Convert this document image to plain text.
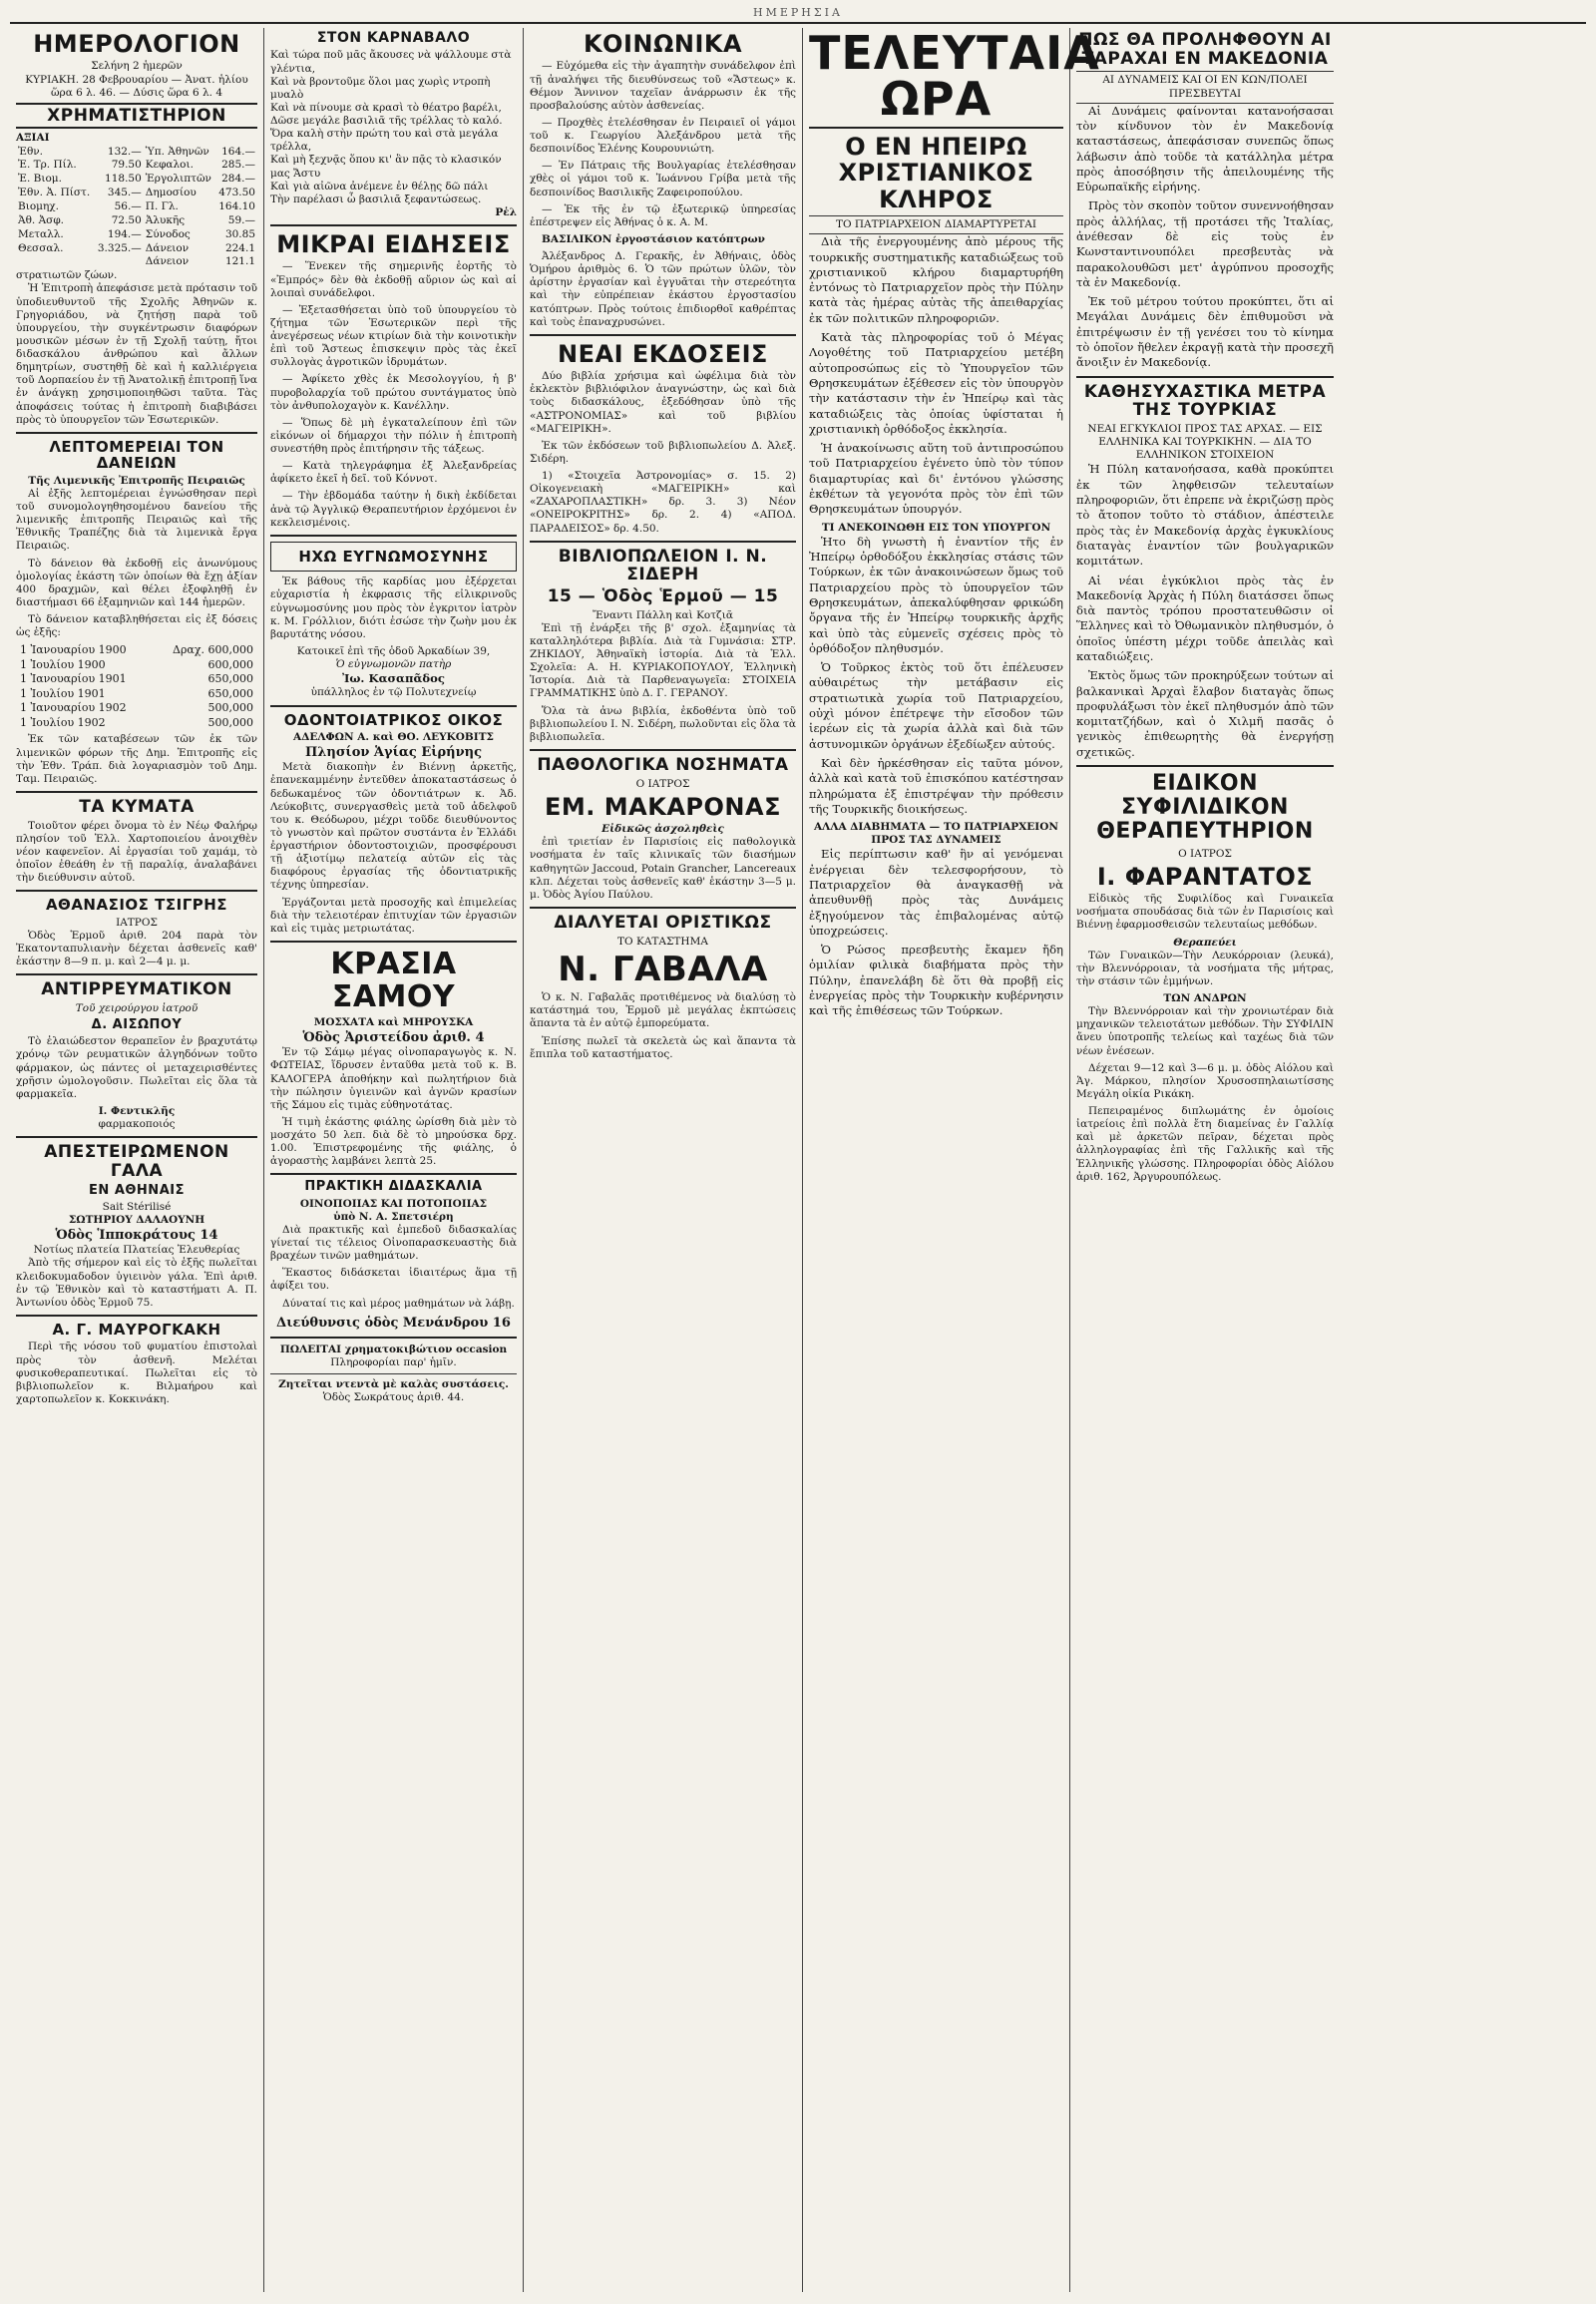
ΗΜΕΡΗΣΙΑ
ΗΜΕΡΟΛΟΓΙΟΝ
Σελήνη 2 ἡμερῶν
ΚΥΡΙΑΚΗ. 28 Φεβρουαρίου — Ἀνατ. ἡλίου ὥρα 6 λ. 46. — Δύσις ὥρα 6 λ. 4
ΧΡΗΜΑΤΙΣΤΗΡΙΟΝ
ΑΞΙΑΙ
Ἐθν.	132.—	Ὑπ. Ἀθηνῶν	164.—
Ἐ. Τρ. Πίλ.	79.50	Κεφαλοι.	285.—
Ἐ. Βιομ.	118.50	Ἐργολιπτῶν	284.—
Ἐθν. Ἀ. Πίστ.	345.—	Δημοσίου	473.50
Βιομηχ.	56.—	Π. Γλ.	164.10
Ἀθ. Ἀσφ.	72.50	Ἀλυκῆς	59.—
Μεταλλ.	194.—	Σύνοδος	30.85
Θεσσαλ.	3.325.—	Δάνειον	224.1
		Δάνειον	121.1
στρατιωτῶν ζώων.
Ἡ Ἐπιτροπὴ ἀπεφάσισε μετὰ πρότασιν τοῦ ὑποδιευθυντοῦ τῆς Σχολῆς Ἀθηνῶν κ. Γρηγοριάδου, νὰ ζητήσῃ παρὰ τοῦ ὑπουργείου, τὴν συγκέντρωσιν διαφόρων μουσικῶν μέσων ἐν τῇ Σχολῇ ταύτῃ, ἤτοι διδασκάλου ἀνθρώπου καὶ ἄλλων δημητρίων, συστηθῇ δὲ καὶ ἡ καλλιέργεια τοῦ Δορπαείου ἐν τῇ Ἀνατολικῇ ἐπιτροπῇ ἵνα ἐν ἀνάγκῃ χρησιμοποιηθῶσι ταῦτα. Τὰς ἀποφάσεις τούτας ἡ ἐπιτροπὴ διαβιβάσει πρὸς τὸ ὑπουργεῖον τῶν Ἐσωτερικῶν.
ΛΕΠΤΟΜΕΡΕΙΑΙ ΤΟΝ ΔΑΝΕΙΩΝ
Τῆς Λιμενικῆς Ἐπιτροπῆς Πειραιῶς
Αἱ ἐξῆς λεπτομέρειαι ἐγνώσθησαν περὶ τοῦ συνομολογηθησομένου δανείου τῆς λιμενικῆς ἐπιτροπῆς Πειραιῶς καὶ τῆς Ἐθνικῆς Τραπέζης διὰ τὰ λιμενικὰ ἔργα Πειραιῶς.
Τὸ δάνειον θὰ ἐκδοθῇ εἰς ἀνωνύμους ὁμολογίας ἑκάστη τῶν ὁποίων θὰ ἔχῃ ἀξίαν 400 δραχμῶν, καὶ θέλει ἐξοφληθῇ ἐν διαστήμασι 66 ἑξαμηνιῶν καὶ 144 ἡμερῶν.
Τὸ δάνειον καταβληθήσεται εἰς ἐξ δόσεις ὡς ἑξῆς:
1 Ἰανουαρίου 1900	Δραχ. 600,000
1 Ἰουλίου 1900	600,000
1 Ἰανουαρίου 1901	650,000
1 Ἰουλίου 1901	650,000
1 Ἰανουαρίου 1902	500,000
1 Ἰουλίου 1902	500,000
Ἐκ τῶν καταβέσεων τῶν ἐκ τῶν λιμενικῶν φόρων τῆς Δημ. Ἐπιτροπῆς εἰς τὴν Ἐθν. Τράπ. διὰ λογαριασμὸν τοῦ Δημ. Ταμ. Πειραιῶς.
ΤΑ ΚΥΜΑΤΑ
Τοιοῦτον φέρει ὄνομα τὸ ἐν Νέῳ Φαλήρῳ πλησίον τοῦ Ἑλλ. Χαρτοποιείου ἀνοιχθὲν νέον καφενεῖον. Αἱ ἐργασίαι τοῦ χαμάμ, τὸ ὁποῖον ἐθεάθη ἐν τῇ παραλίᾳ, ἀναλαβάνει τὴν διεύθυνσιν αὐτοῦ.
ΑΘΑΝΑΣΙΟΣ ΤΣΙΓΡΗΣ
ΙΑΤΡΟΣ
Ὁδὸς Ἑρμοῦ ἀριθ. 204 παρὰ τὸν Ἐκατονταπυλιανὴν δέχεται ἀσθενεῖς καθ' ἑκάστην 8—9 π. μ. καὶ 2—4 μ. μ.
ΑΝΤΙΡΡΕΥΜΑΤΙΚΟΝ
Τοῦ χειρούργου ἰατροῦ
Δ. ΑΙΣΩΠΟΥ
Τὸ ἐλαιώδεστον θεραπεῖον ἐν βραχυτάτῳ χρόνῳ τῶν ρευματικῶν ἀλγηδόνων τοῦτο φάρμακον, ὡς πάντες οἱ μεταχειρισθέντες χρῆσιν ὡμολογοῦσιν. Πωλεῖται εἰς ὅλα τὰ φαρμακεῖα.
Ι. Φεντικλῆς
φαρμακοποιός
ΑΠΕΣΤΕΙΡΩΜΕΝΟΝ ΓΑΛΑ
ΕΝ ΑΘΗΝΑΙΣ
Sait Stérilisé
ΣΩΤΗΡΙΟΥ ΔΑΛΑΟΥΝΗ
Ὁδὸς Ἱπποκράτους 14
Νοτίως πλατεία Πλατείας Ἐλευθερίας
Ἀπὸ τῆς σήμερον καὶ εἰς τὸ ἑξῆς πωλεῖται κλειδοκυμαδοδον ὑγιεινὸν γάλα. Ἐπὶ ἀριθ. ἐν τῷ Ἐθνικὸν καὶ τὸ καταστήματι Α. Π. Ἀντωνίου ὁδὸς Ἑρμοῦ 75.
Α. Γ. ΜΑΥΡΟΓΚΑΚΗ
Περὶ τῆς νόσου τοῦ φυματίου ἐπιστολαὶ πρὸς τὸν ἀσθενῆ. Μελέται φυσικοθεραπευτικαί. Πωλεῖται εἰς τὸ βιβλιοπωλεῖον κ. Βιλμαήρου καὶ χαρτοπωλεῖον κ. Κοκκινάκη.
ΣΤΟΝ ΚΑΡΝΑΒΑΛΟ
Καὶ τώρα ποῦ μᾶς ἄκουσες νὰ ψάλλουμε στὰ γλέντια,
Καὶ νὰ βροντοῦμε ὅλοι μας χωρὶς ντροπὴ μυαλὸ
Καὶ νὰ πίνουμε σὰ κρασὶ τὸ θέατρο βαρέλι,
Δῶσε μεγάλε βασιλιᾶ τῆς τρέλλας τὸ καλό.
Ὅρα καλὴ στὴν πρώτη του καὶ στὰ μεγάλα τρέλλα,
Καὶ μὴ ξεχνᾷς ὅπου κι' ἂν πᾷς τὸ κλασικόν μας Ἄστυ
Καὶ γιὰ αἰῶνα ἀνέμενε ἐν θέλῃς δῶ πάλι
Τὴν παρέλασι ὦ βασιλιᾶ ξεφαντώσεως.
Ρἑλ
ΜΙΚΡΑΙ ΕΙΔΗΣΕΙΣ
— Ἕνεκεν τῆς σημερινῆς ἑορτῆς τὸ «Ἐμπρός» δὲν θὰ ἐκδοθῇ αὔριον ὡς καὶ αἱ λοιπαὶ συνάδελφοι.
— Ἐξετασθήσεται ὑπὸ τοῦ ὑπουργείου τὸ ζήτημα τῶν Ἐσωτερικῶν περὶ τῆς ἀνεγέρσεως νέων κτιρίων διὰ τὴν κοινοτικὴν ἐπὶ τοῦ Ἄστεως ἐπισκεψιν πρὸς τὰς ἐκεῖ συλλογὰς ἀγροτικῶν ἰδρυμάτων.
— Ἀφίκετο χθὲς ἐκ Μεσολογγίου, ἡ β' πυροβολαρχία τοῦ πρώτου συντάγματος ὑπὸ τὸν ἀνθυπολοχαγὸν κ. Κανέλλην.
— Ὅπως δὲ μὴ ἐγκαταλείπουν ἐπὶ τῶν εἰκόνων οἱ δήμαρχοι τὴν πόλιν ἡ ἐπιτροπὴ συνεστήθη πρὸς ἐπιτήρησιν τῆς τάξεως.
— Κατὰ τηλεγράφημα ἐξ Ἀλεξανδρείας ἀφίκετο ἐκεῖ ἡ δεῖ. τοῦ Κόννοτ.
— Τὴν ἑβδομάδα ταύτην ἡ δικὴ ἐκδίδεται ἀνὰ τῷ Ἀγγλικῷ Θεραπευτήριον ἐρχόμενοι ἐν κεκλεισμένοις.
ΗΧΩ ΕΥΓΝΩΜΟΣΥΝΗΣ
Ἐκ βάθους τῆς καρδίας μου ἐξέρχεται εὐχαριστία ἡ ἐκφρασις τῆς εἰλικρινοῦς εὐγνωμοσύνης μου πρὸς τὸν ἐγκριτον ἰατρὸν κ. Μ. Γρόλλιον, διότι ἐσώσε τὴν ζωὴν μου ἐκ βαρυτάτης νόσου.
Κατοικεῖ ἐπὶ τῆς ὁδοῦ Ἀρκαδίων 39,
Ὁ εὐγνωμονῶν πατὴρ
Ἰω. Κασαπᾶδος
ὑπάλληλος ἐν τῷ Πολυτεχνείῳ
ΟΔΟΝΤΟΙΑΤΡΙΚΟΣ ΟΙΚΟΣ
ΑΔΕΛΦΩΝ Α. καὶ ΘΟ. ΛΕΥΚΟΒΙΤΣ
Πλησίον Ἁγίας Εἰρήνης
Μετὰ διακοπὴν ἐν Βιέννῃ ἀρκετῆς, ἐπανεκαμμένην ἐντεῦθεν ἀποκαταστάσεως ὁ δεδωκαμένος τῶν ὀδοντιάτρων κ. Ἀδ. Λεύκοβιτς, συνεργασθεὶς μετὰ τοῦ ἀδελφοῦ του κ. Θεόδωρου, μέχρι τοῦδε διευθύνοντος τὸ γνωστὸν καὶ πρῶτον συστάντα ἐν Ἑλλάδι ἐργαστήριον ὀδοντοστοιχιῶν, προσφέρουσι τῇ ἀξιοτίμῳ πελατείᾳ αὐτῶν εἰς τὰς διαφόρους ἐργασίας τῆς ὀδοντιατρικῆς τέχνης ὑπηρεσίαν.
Ἐργάζονται μετὰ προσοχῆς καὶ ἐπιμελείας διὰ τὴν τελειοτέραν ἐπιτυχίαν τῶν ἐργασιῶν καὶ εἰς τιμὰς μετριωτάτας.
ΚΡΑΣΙΑ ΣΑΜΟΥ
ΜΟΣΧΑΤΑ καὶ ΜΗΡΟΥΣΚΑ
Ὁδὸς Ἀριστείδου ἀριθ. 4
Ἐν τῷ Σάμῳ μέγας οἰνοπαραγωγὸς κ. Ν. ΦΩΤΕΙΑΣ, ἵδρυσεν ἐνταῦθα μετὰ τοῦ κ. Β. ΚΑΛΟΓΕΡΑ ἀποθήκην καὶ πωλητήριον διὰ τὴν πώλησιν ὑγιεινῶν καὶ ἁγνῶν κρασίων τῆς Σάμου εἰς τιμὰς εὐθηνοτάτας.
Ἡ τιμὴ ἑκάστης φιάλης ὡρίσθη διὰ μὲν τὸ μοσχάτο 50 λεπ. διὰ δὲ τὸ μηρούσκα δρχ. 1.00. Ἐπιστρεφομένης τῆς φιάλης, ὁ ἀγοραστὴς λαμβάνει λεπτὰ 25.
ΠΡΑΚΤΙΚΗ ΔΙΔΑΣΚΑΛΙΑ
ΟΙΝΟΠΟΙΙΑΣ ΚΑΙ ΠΟΤΟΠΟΙΙΑΣ
ὑπὸ Ν. Α. Σπετσιέρη
Διὰ πρακτικῆς καὶ ἐμπεδοῦ διδασκαλίας γίνεταί τις τέλειος Οἰνοπαρασκευαστὴς διὰ βραχέων τινῶν μαθημάτων.
Ἕκαστος διδάσκεται ἰδιαιτέρως ἅμα τῇ ἀφίξει του.
Δύναταί τις καὶ μέρος μαθημάτων νὰ λάβῃ.
Διεύθυνσις ὁδὸς Μενάνδρου 16
ΠΩΛΕΙΤΑΙ χρηματοκιβώτιον occasion
Πληροφορίαι παρ' ἡμῖν.
Ζητεῖται ντεντὰ μὲ καλὰς συστάσεις.
Ὁδὸς Σωκράτους ἀριθ. 44.
ΚΟΙΝΩΝΙΚΑ
— Εὐχόμεθα εἰς τὴν ἀγαπητὴν συνάδελφον ἐπὶ τῇ ἀναλήψει τῆς διευθύνσεως τοῦ «Ἄστεως» κ. Θέμον Ἄννινον ταχεῖαν ἀνάρρωσιν ἐκ τῆς προσβαλούσης αὐτὸν ἀσθενείας.
— Προχθὲς ἐτελέσθησαν ἐν Πειραιεῖ οἱ γάμοι τοῦ κ. Γεωργίου Ἀλεξάνδρου μετὰ τῆς δεσποινίδος Ἑλένης Κουρουνιώτη.
— Ἐν Πάτραις τῆς Βουλγαρίας ἐτελέσθησαν χθὲς οἱ γάμοι τοῦ κ. Ἰωάννου Γρίβα μετὰ τῆς δεσποινίδος Βασιλικῆς Ζαφειροπούλου.
— Ἐκ τῆς ἐν τῷ ἐξωτερικῷ ὑπηρεσίας ἐπέστρεψεν εἰς Ἀθήνας ὁ κ. Α. Μ.
ΒΑΣΙΛΙΚΟΝ ἐργοστάσιον κατόπτρων
Ἀλέξανδρος Δ. Γερακῆς, ἐν Ἀθήναις, ὁδὸς Ὁμήρου ἀριθμὸς 6. Ὁ τῶν πρώτων ὑλῶν, τὸν ἀρίστην ἐργασίαν καὶ ἐγγυᾶται τὴν στερεότητα καὶ τὴν εὐπρέπειαν ἑκάστου ἐργοστασίου κατόπτρων. Πρὸς τούτοις ἐπιδιορθοῖ καθρέπτας καὶ τοὺς ἐπαναχρυσώνει.
ΝΕΑΙ ΕΚΔΟΣΕΙΣ
Δύο βιβλία χρήσιμα καὶ ὠφέλιμα διὰ τὸν ἐκλεκτὸν βιβλιόφιλον ἀναγνώστην, ὡς καὶ διὰ τοὺς διδασκάλους, ἐξεδόθησαν ὑπὸ τῆς «ΑΣΤΡΟΝΟΜΙΑΣ» καὶ τοῦ βιβλίου «ΜΑΓΕΙΡΙΚΗ».
Ἐκ τῶν ἐκδόσεων τοῦ βιβλιοπωλείου Δ. Ἀλεξ. Σιδέρη.
1) «Στοιχεῖα Ἀστρονομίας» σ. 15. 2) Οἰκογενειακὴ «ΜΑΓΕΙΡΙΚΗ» καὶ «ΖΑΧΑΡΟΠΛΑΣΤΙΚΗ» δρ. 3. 3) Νέον «ΟΝΕΙΡΟΚΡΙΤΗΣ» δρ. 2. 4) «ΑΠΟΔ. ΠΑΡΑΔΕΙΣΟΣ» δρ. 4.50.
ΒΙΒΛΙΟΠΩΛΕΙΟΝ Ι. Ν. ΣΙΔΕΡΗ
15 — Ὁδὸς Ἑρμοῦ — 15
Ἔναντι Πάλλη καὶ Κοτζιᾶ
Ἐπὶ τῇ ἐνάρξει τῆς β' σχολ. ἐξαμηνίας τὰ καταλληλότερα βιβλία. Διὰ τὰ Γυμνάσια: ΣΤΡ. ΖΗΚΙΔΟΥ, Ἀθηναϊκὴ ἱστορία. Διὰ τὰ Ἑλλ. Σχολεῖα: Α. Η. ΚΥΡΙΑΚΟΠΟΥΛΟΥ, Ἑλληνικὴ Ἱστορία. Διὰ τὰ Παρθεναγωγεῖα: ΣΤΟΙΧΕΙΑ ΓΡΑΜΜΑΤΙΚΗΣ ὑπὸ Δ. Γ. ΓΕΡΑΝΟΥ.
Ὅλα τὰ ἀνω βιβλία, ἐκδοθέντα ὑπὸ τοῦ βιβλιοπωλείου Ι. Ν. Σιδέρη, πωλοῦνται εἰς ὅλα τὰ βιβλιοπωλεῖα.
ΠΑΘΟΛΟΓΙΚΑ ΝΟΣΗΜΑΤΑ
Ο ΙΑΤΡΟΣ
ΕΜ. ΜΑΚΑΡΟΝΑΣ
Εἰδικῶς ἀσχοληθεὶς
ἐπὶ τριετίαν ἐν Παρισίοις εἰς παθολογικὰ νοσήματα ἐν ταῖς κλινικαῖς τῶν διασήμων καθηγητῶν Jaccoud, Potain Grancher, Lancereaux κλπ. Δέχεται τοὺς ἀσθενεῖς καθ' ἑκάστην 3—5 μ. μ. Ὁδὸς Ἀγίου Παύλου.
ΔΙΑΛΥΕΤΑΙ ΟΡΙΣΤΙΚΩΣ
ΤΟ ΚΑΤΑΣΤΗΜΑ
Ν. ΓΑΒΑΛΑ
Ὁ κ. Ν. Γαβαλᾶς προτιθέμενος νὰ διαλύσῃ τὸ κατάστημά του, Ἑρμοῦ μὲ μεγάλας ἐκπτώσεις ἅπαντα τὰ ἐν αὐτῷ ἐμπορεύματα.
Ἐπίσης πωλεῖ τὰ σκελετὰ ὡς καὶ ἅπαντα τὰ ἔπιπλα τοῦ καταστήματος.
ΤΕΛΕΥΤΑΙΑ ΩΡΑ
Ο ΕΝ ΗΠΕΙΡΩ ΧΡΙΣΤΙΑΝΙΚΟΣ ΚΛΗΡΟΣ
ΤΟ ΠΑΤΡΙΑΡΧΕΙΟΝ ΔΙΑΜΑΡΤΥΡΕΤΑΙ
Διὰ τῆς ἐνεργουμένης ἀπὸ μέρους τῆς τουρκικῆς συστηματικῆς καταδιώξεως τοῦ χριστιανικοῦ κλήρου διαμαρτυρήθη ἐντόνως τὸ Πατριαρχεῖον πρὸς τὴν Πύλην κατὰ τὰς ἡμέρας αὐτὰς τῆς ἀπειθαρχίας ἐκ τῶν πολιτικῶν πληροφοριῶν.
Κατὰ τὰς πληροφορίας τοῦ ὁ Μέγας Λογοθέτης τοῦ Πατριαρχείου μετέβη αὐτοπροσώπως εἰς τὸ Ὑπουργεῖον τῶν Θρησκευμάτων ἐξέθεσεν εἰς τὸν ὑπουργὸν τὴν κατάστασιν τὴν ἐν Ἠπείρῳ καὶ τὰς καταδιώξεις τὰς ὁποίας ὑφίσταται ἡ χριστιανικὴ ὀρθόδοξος ἐκκλησία.
Ἡ ἀνακοίνωσις αὕτη τοῦ ἀντιπροσώπου τοῦ Πατριαρχείου ἐγένετο ὑπὸ τὸν τύπον διαμαρτυρίας καὶ δι' ἐντόνου γλώσσης ἐκθέτων τὰ γεγονότα πρὸς τὸν ἐπὶ τῶν Θρησκευμάτων ὑπουργόν.
ΤΙ ΑΝΕΚΟΙΝΩΘΗ ΕΙΣ ΤΟΝ ΥΠΟΥΡΓΟΝ
Ἡτο δὴ γνωστὴ ἡ ἐναντίον τῆς ἐν Ἠπείρῳ ὀρθοδόξου ἐκκλησίας στάσις τῶν Τούρκων, ἐκ τῶν ἀνακοινώσεων ὅμως τοῦ Πατριαρχείου πρὸς τὸ ὑπουργεῖον τῶν Θρησκευμάτων, ἀπεκαλύφθησαν φρικώδη ὄργανα τῆς ἐν Ἠπείρῳ τουρκικῆς ἀρχῆς καὶ ὑπὸ τὰς εὐμενεῖς σχέσεις πρὸς τὸ ὀρθόδοξον πληθυσμόν.
Ὁ Τοῦρκος ἐκτὸς τοῦ ὅτι ἐπέλευσεν αὐθαιρέτως τὴν μετάβασιν εἰς στρατιωτικὰ χωρία τοῦ Πατριαρχείου, οὐχὶ μόνον ἐπέτρεψε τὴν εἴσοδον τῶν ἱερέων εἰς τὰ χωρία ἀλλὰ καὶ διὰ τῶν ἀστυνομικῶν ὀργάνων ἐξεδίωξεν αὐτούς.
Καὶ δὲν ἠρκέσθησαν εἰς ταῦτα μόνον, ἀλλὰ καὶ κατὰ τοῦ ἐπισκόπου κατέστησαν πληρώματα ἐξ ἐπιστρέψαν τὴν πρόθεσιν τῆς Τουρκικῆς διοικήσεως.
ΑΛΛΑ ΔΙΑΒΗΜΑΤΑ — ΤΟ ΠΑΤΡΙΑΡΧΕΙΟΝ ΠΡΟΣ ΤΑΣ ΔΥΝΑΜΕΙΣ
Εἰς περίπτωσιν καθ' ἣν αἱ γενόμεναι ἐνέργειαι δὲν τελεσφορήσουν, τὸ Πατριαρχεῖον θὰ ἀναγκασθῇ νὰ ἀπευθυνθῇ πρὸς τὰς Δυνάμεις ἐξηγούμενον τὰς ἐπιβαλομένας αὐτῷ ὑποχρεώσεις.
Ὁ Ρώσος πρεσβευτὴς ἔκαμεν ἤδη ὁμιλίαν φιλικὰ διαβήματα πρὸς τὴν Πύλην, ἐπανελάβη δὲ ὅτι θὰ προβῇ εἰς ἐνεργείας πρὸς τὴν Τουρκικὴν κυβέρνησιν καὶ τῆς ἐπιθέσεως τῶν Τούρκων.
ΠΩΣ ΘΑ ΠΡΟΛΗΦΘΟΥΝ ΑΙ ΤΑΡΑΧΑΙ ΕΝ ΜΑΚΕΔΟΝΙΑ
ΑΙ ΔΥΝΑΜΕΙΣ ΚΑΙ ΟΙ ΕΝ ΚΩΝ/ΠΟΛΕΙ ΠΡΕΣΒΕΥΤΑΙ
Αἱ Δυνάμεις φαίνονται κατανοήσασαι τὸν κίνδυνον τὸν ἐν Μακεδονίᾳ καταστάσεως, ἀπεφάσισαν συνεπῶς ὅπως λάβωσιν ἀπὸ τοῦδε τὰ κατάλληλα μέτρα πρὸς ἀποσόβησιν τῆς ἀπειλουμένης τῆς Εὐρωπαϊκῆς εἰρήνης.
Πρὸς τὸν σκοπὸν τοῦτον συνεννοήθησαν πρὸς ἀλλήλας, τῇ προτάσει τῆς Ἰταλίας, ἀνέθεσαν δὲ εἰς τοὺς ἐν Κωνσταντινουπόλει πρεσβευτὰς νὰ παρακολουθῶσι μετ' ἀγρύπνου προσοχῆς τὰ ἐν Μακεδονίᾳ.
Ἐκ τοῦ μέτρου τούτου προκύπτει, ὅτι αἱ Μεγάλαι Δυνάμεις δὲν ἐπιθυμοῦσι νὰ ἐπιτρέψωσιν ἐν τῇ γενέσει του τὸ κίνημα τὸ ὁποῖον ἤθελεν ἐκραγῇ κατὰ τὴν προσεχῆ ἄνοιξιν ἐν Μακεδονίᾳ.
ΚΑΘΗΣΥΧΑΣΤΙΚΑ ΜΕΤΡΑ ΤΗΣ ΤΟΥΡΚΙΑΣ
ΝΕΑΙ ΕΓΚΥΚΛΙΟΙ ΠΡΟΣ ΤΑΣ ΑΡΧΑΣ. — ΕΙΣ ΕΛΛΗΝΙΚΑ ΚΑΙ ΤΟΥΡΚΙΚΗΝ. — ΔΙΑ ΤΟ ΕΛΛΗΝΙΚΟΝ ΣΤΟΙΧΕΙΟΝ
Ἡ Πύλη κατανοήσασα, καθὰ προκύπτει ἐκ τῶν ληφθεισῶν τελευταίων πληροφοριῶν, ὅτι ἐπρεπε νὰ ἐκριζώσῃ πρὸς τὸ ἄτοπον τοῦτο τὸ στάδιον, ἀπέστειλε πρὸς τὰς ἐν Μακεδονίᾳ ἀρχὰς ἐγκυκλίους διαταγὰς ἐναντίον τῶν βουλγαρικῶν κομιτάτων.
Αἱ νέαι ἐγκύκλιοι πρὸς τὰς ἐν Μακεδονίᾳ Ἀρχὰς ἡ Πύλη διατάσσει ὅπως διὰ παντὸς τρόπου προστατευθῶσιν οἱ Ἕλληνες καὶ τὸ Ὀθωμανικὸν πληθυσμόν, ὁ ὁποῖος ὑπέστη μέχρι τοῦδε ἀπειλὰς καὶ καταδιώξεις.
Ἐκτὸς ὅμως τῶν προκηρύξεων τούτων αἱ βαλκανικαὶ Ἀρχαὶ ἔλαβον διαταγὰς ὅπως προφυλάξωσι τὸν ἐκεῖ πληθυσμόν ἀπὸ τῶν κομιτατζήδων, καὶ ὁ Χιλμῆ πασᾶς ὁ γενικὸς ἐπιθεωρητὴς θὰ ἐνεργήσῃ σχετικῶς.
ΕΙΔΙΚΟΝ ΣΥΦΙΛΙΔΙΚΟΝ ΘΕΡΑΠΕΥΤΗΡΙΟΝ
Ο ΙΑΤΡΟΣ
Ι. ΦΑΡΑΝΤΑΤΟΣ
Εἰδικὸς τῆς Συφιλίδος καὶ Γυναικεῖα νοσήματα σπουδάσας διὰ τῶν ἐν Παρισίοις καὶ Βιέννῃ ἐφαρμοσθεισῶν τελευταίως μεθόδων.
Θεραπεύει
Τῶν Γυναικῶν—Τὴν Λευκόρροιαν (λευκά), τὴν Βλεννόρροιαν, τὰ νοσήματα τῆς μήτρας, τὴν στάσιν τῶν ἐμμήνων.
ΤΩΝ ΑΝΔΡΩΝ
Τὴν Βλεννόρροιαν καὶ τὴν χρονιωτέραν διὰ μηχανικῶν τελειοτάτων μεθόδων. Τὴν ΣΥΦΙΛΙΝ ἄνευ ὑποτροπῆς τελείως καὶ ταχέως διὰ τῶν νέων ἐνέσεων.
Δέχεται 9—12 καὶ 3—6 μ. μ. ὁδὸς Αἰόλου καὶ Ἁγ. Μάρκου, πλησίον Χρυσοσπηλαιωτίσσης Μεγάλη οἰκία Ρικάκη.
Πεπειραμένος διπλωμάτης ἐν ὁμοίοις ἰατρείοις ἐπὶ πολλὰ ἔτη διαμείνας ἐν Γαλλίᾳ καὶ μὲ ἀρκετῶν πεῖραν, δέχεται πρὸς ἀλληλογραφίας ἐπὶ τῆς Γαλλικῆς καὶ τῆς Ἑλληνικῆς γλώσσης. Πληροφορίαι ὁδὸς Αἰόλου ἀριθ. 162, Ἀργυρουπόλεως.
